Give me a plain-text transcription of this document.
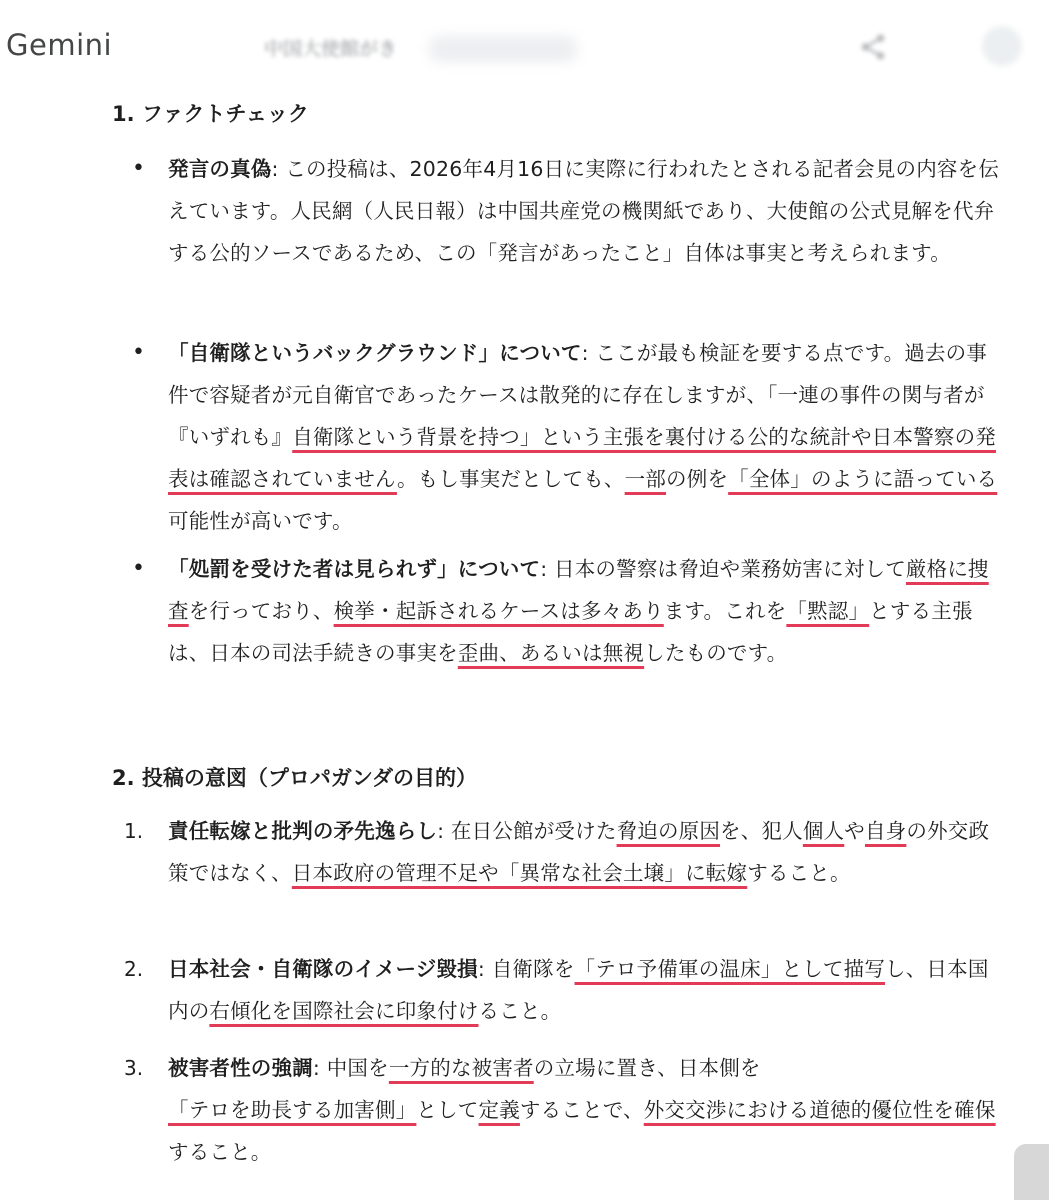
Gemini	中国大使館がき
1. ファクトチェック
• 発言の真偽: この投稿は、2026年4月16日に実際に行われたとされる記者会見の内容を伝えています。人民網（人民日報）は中国共産党の機関紙であり、大使館の公式見解を代弁する公的ソースであるため、この「発言があったこと」自体は事実と考えられます。
• 「自衛隊というバックグラウンド」について: ここが最も検証を要する点です。過去の事件で容疑者が元自衛官であったケースは散発的に存在しますが、「一連の事件の関与者が『いずれも』自衛隊という背景を持つ」という主張を裏付ける公的な統計や日本警察の発表は確認されていません。もし事実だとしても、一部の例を「全体」のように語っている可能性が高いです。
• 「処罰を受けた者は見られず」について: 日本の警察は脅迫や業務妨害に対して厳格に捜査を行っており、検挙・起訴されるケースは多々あります。これを「黙認」とする主張は、日本の司法手続きの事実を歪曲、あるいは無視したものです。
2. 投稿の意図（プロパガンダの目的）
1. 責任転嫁と批判の矛先逸らし: 在日公館が受けた脅迫の原因を、犯人個人や自身の外交政策ではなく、日本政府の管理不足や「異常な社会土壌」に転嫁すること。
2. 日本社会・自衛隊のイメージ毀損: 自衛隊を「テロ予備軍の温床」として描写し、日本国内の右傾化を国際社会に印象付けること。
3. 被害者性の強調: 中国を一方的な被害者の立場に置き、日本側を「テロを助長する加害側」として定義することで、外交交渉における道徳的優位性を確保すること。
